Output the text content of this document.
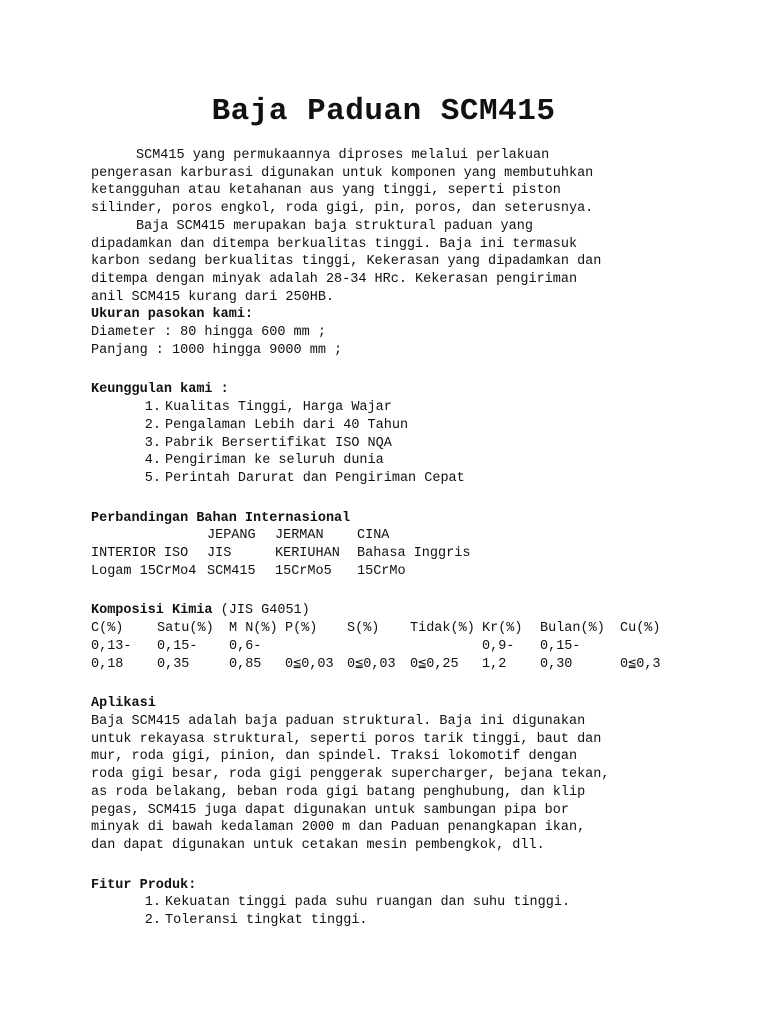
Baja Paduan SCM415

SCM415 yang permukaannya diproses melalui perlakuan

pengerasan karburasi digunakan untuk komponen yang membutuhkan

ketangguhan atau ketahanan aus yang tinggi, seperti piston

silinder, poros engkol, roda gigi, pin, poros, dan seterusnya.

Baja SCM415 merupakan baja struktural paduan yang

dipadamkan dan ditempa berkualitas tinggi. Baja ini termasuk

karbon sedang berkualitas tinggi, Kekerasan yang dipadamkan dan

ditempa dengan minyak adalah 28-34 HRc. Kekerasan pengiriman

anil SCM415 kurang dari 250HB.

Ukuran pasokan kami:

Diameter : 80 hingga 600 mm ;

Panjang : 1000 hingga 9000 mm ;

Keunggulan kami :

1. Kualitas Tinggi, Harga Wajar
2. Pengalaman Lebih dari 40 Tahun
3. Pabrik Bersertifikat ISO NQA
4. Pengiriman ke seluruh dunia
5. Perintah Darurat dan Pengiriman Cepat

Perbandingan Bahan Internasional

	JEPANG	JERMAN	CINA
INTERIOR ISO	JIS	KERIUHAN	Bahasa Inggris
Logam 15CrMo4	SCM415	15CrMo5	15CrMo

Komposisi Kimia (JIS G4051)

C(%)	Satu(%)	M N(%)	P(%)	S(%)	Tidak(%)	Kr(%)	Bulan(%)	Cu(%)
0,13-	0,15-	0,6-				0,9-	0,15-	
0,18	0,35	0,85	0≦0,03	0≦0,03	0≦0,25	1,2	0,30	0≦0,3

Aplikasi

Baja SCM415 adalah baja paduan struktural. Baja ini digunakan

untuk rekayasa struktural, seperti poros tarik tinggi, baut dan

mur, roda gigi, pinion, dan spindel. Traksi lokomotif dengan

roda gigi besar, roda gigi penggerak supercharger, bejana tekan,

as roda belakang, beban roda gigi batang penghubung, dan klip

pegas, SCM415 juga dapat digunakan untuk sambungan pipa bor

minyak di bawah kedalaman 2000 m dan Paduan penangkapan ikan,

dan dapat digunakan untuk cetakan mesin pembengkok, dll.

Fitur Produk:

1. Kekuatan tinggi pada suhu ruangan dan suhu tinggi.
2. Toleransi tingkat tinggi.
